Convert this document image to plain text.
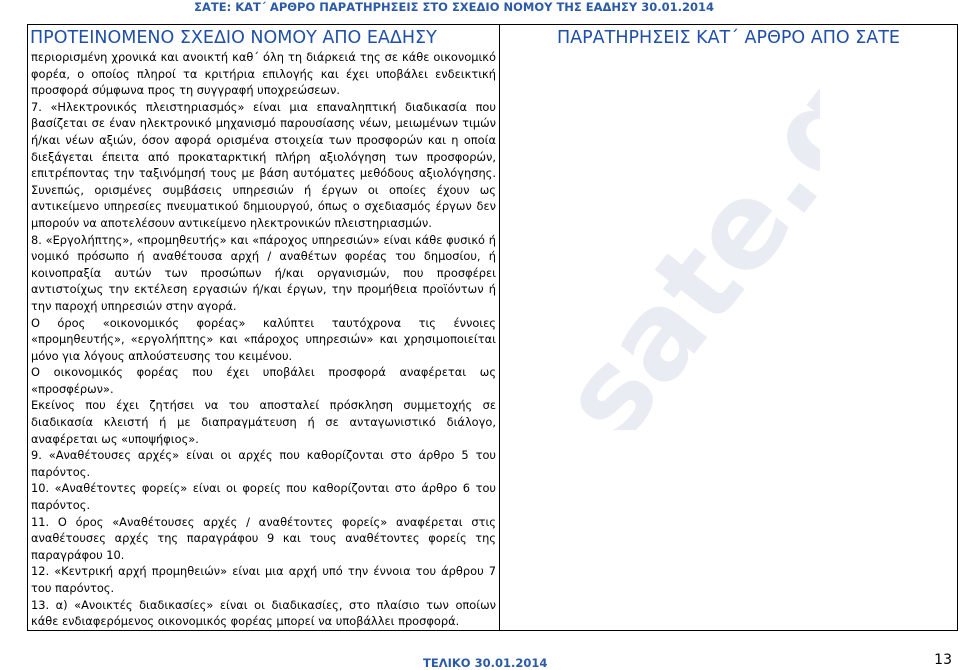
ΣΑΤΕ: ΚΑΤ΄ ΑΡΘΡΟ ΠΑΡΑΤΗΡΗΣΕΙΣ ΣΤΟ ΣΧΕΔΙΟ ΝΟΜΟΥ ΤΗΣ ΕΑΔΗΣΥ 30.01.2014
ΠΡΟΤΕΙΝΟΜΕΝΟ ΣΧΕΔΙΟ ΝΟΜΟΥ ΑΠΟ ΕΑΔΗΣΥ

περιορισμένη χρονικά και ανοικτή καθ΄ όλη τη διάρκειά της σε κάθε οικονομικό φορέα, ο οποίος πληροί τα κριτήρια επιλογής και έχει υποβάλει ενδεικτική προσφορά σύμφωνα προς τη συγγραφή υποχρεώσεων.

7. «Ηλεκτρονικός πλειστηριασμός» είναι μια επαναληπτική διαδικασία που βασίζεται σε έναν ηλεκτρονικό μηχανισμό παρουσίασης νέων, μειωμένων τιμών ή/και νέων αξιών, όσον αφορά ορισμένα στοιχεία των προσφορών και η οποία διεξάγεται έπειτα από προκαταρκτική πλήρη αξιολόγηση των προσφορών, επιτρέποντας την ταξινόμησή τους με βάση αυτόματες μεθόδους αξιολόγησης. Συνεπώς, ορισμένες συμβάσεις υπηρεσιών ή έργων οι οποίες έχουν ως αντικείμενο υπηρεσίες πνευματικού δημιουργού, όπως ο σχεδιασμός έργων δεν μπορούν να αποτελέσουν αντικείμενο ηλεκτρονικών πλειστηριασμών.

8. «Εργολήπτης», «προμηθευτής» και «πάροχος υπηρεσιών» είναι κάθε φυσικό ή νομικό πρόσωπο ή αναθέτουσα αρχή / αναθέτων φορέας του δημοσίου, ή κοινοπραξία αυτών των προσώπων ή/και οργανισμών, που προσφέρει αντιστοίχως την εκτέλεση εργασιών ή/και έργων, την προμήθεια προϊόντων ή την παροχή υπηρεσιών στην αγορά.

Ο όρος «οικονομικός φορέας» καλύπτει ταυτόχρονα τις έννοιες «προμηθευτής», «εργολήπτης» και «πάροχος υπηρεσιών» και χρησιμοποιείται μόνο για λόγους απλούστευσης του κειμένου.

Ο οικονομικός φορέας που έχει υποβάλει προσφορά αναφέρεται ως «προσφέρων».

Εκείνος που έχει ζητήσει να του αποσταλεί πρόσκληση συμμετοχής σε διαδικασία κλειστή ή με διαπραγμάτευση ή σε ανταγωνιστικό διάλογο, αναφέρεται ως «υποψήφιος».

9. «Αναθέτουσες αρχές» είναι οι αρχές που καθορίζονται στο άρθρο 5 του παρόντος.

10. «Αναθέτοντες φορείς» είναι οι φορείς που καθορίζονται στο άρθρο 6 του παρόντος.

11. Ο όρος «Αναθέτουσες αρχές / αναθέτοντες φορείς» αναφέρεται στις αναθέτουσες αρχές της παραγράφου 9 και τους αναθέτοντες φορείς της παραγράφου 10.

12. «Κεντρική αρχή προμηθειών» είναι μια αρχή υπό την έννοια του άρθρου 7 του παρόντος.

13. α) «Ανοικτές διαδικασίες» είναι οι διαδικασίες, στο πλαίσιο των οποίων κάθε ενδιαφερόμενος οικονομικός φορέας μπορεί να υποβάλλει προσφορά.

ΠΑΡΑΤΗΡΗΣΕΙΣ ΚΑΤ΄ ΑΡΘΡΟ ΑΠΟ ΣΑΤΕ
sate.gr
ΤΕΛΙΚΟ 30.01.2014	13
